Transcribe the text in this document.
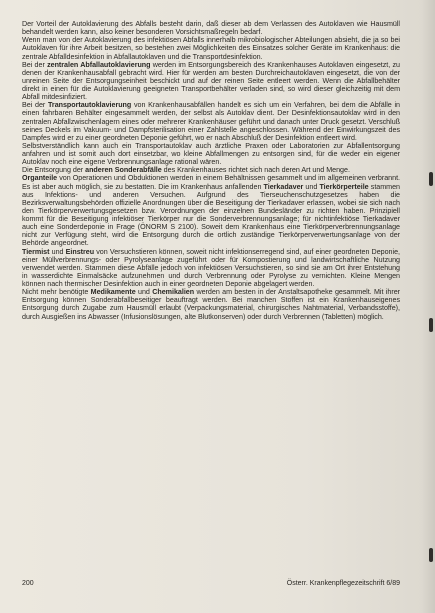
Der Vorteil der Autoklavierung des Abfalls besteht darin, daß dieser ab dem Verlassen des Autoklaven wie Hausmüll behandelt werden kann, also keiner besonderen Vorsichtsmaßregeln bedarf.

Wenn man von der Autoklavierung des infektiösen Abfalls innerhalb mikrobiologischer Abteilungen absieht, die ja so bei Autoklaven für ihre Arbeit besitzen, so bestehen zwei Möglichkeiten des Einsatzes solcher Geräte im Krankenhaus: die zentrale Abfalldesinfektion in Abfallautoklaven und die Transportdesinfektion.

Bei der zentralen Abfallautoklavierung werden im Entsorgungsbereich des Krankenhauses Autoklaven eingesetzt, zu denen der Krankenhausabfall gebracht wird. Hier für werden am besten Durchreichautoklaven eingesetzt, die von der unreinen Seite der Entsorgungseinheit beschickt und auf der reinen Seite entleert werden. Wenn die Abfallbehälter direkt in einen für die Autoklavierung geeigneten Transportbehälter verladen sind, so wird dieser gleichzeitig mit dem Abfall mitdesinfiziert.

Bei der Transportautoklavierung von Krankenhausabfällen handelt es sich um ein Verfahren, bei dem die Abfälle in einen fahrbaren Behälter eingesammelt werden, der selbst als Autoklav dient. Der Desinfektionsautoklav wird in den zentralen Abfallzwischenlagern eines oder mehrerer Krankenhäuser geführt und danach unter Druck gesetzt. Verschluß seines Deckels im Vakuum- und Dampfsterilisation einer Zahlstelle angeschlossen. Während der Einwirkungszeit des Dampfes wird er zu einer geordneten Deponie geführt, wo er nach Abschluß der Desinfektion entleert wird.

Selbstverständlich kann auch ein Transportautoklav auch ärztliche Praxen oder Laboratorien zur Abfallentsorgung anfahren und ist somit auch dort einsetzbar, wo kleine Abfallmengen zu entsorgen sind, für die weder ein eigener Autoklav noch eine eigene Verbrennungsanlage rational wären.

Die Entsorgung der anderen Sonderabfälle des Krankenhauses richtet sich nach deren Art und Menge.

Organteile von Operationen und Obduktionen werden in einem Behältnissen gesammelt und im allgemeinen verbrannt. Es ist aber auch möglich, sie zu bestatten. Die im Krankenhaus anfallenden Tierkadaver und Tierkörperteile stammen aus Infektions- und anderen Versuchen. Aufgrund des Tierseuchenschutzgesetzes haben die Bezirksverwaltungsbehörden offizielle Anordnungen über die Beseitigung der Tierkadaver erlassen, wobei sie sich nach den Tierkörperverwertungsgesetzen bzw. Verordnungen der einzelnen Bundesländer zu richten haben. Prinzipiell kommt für die Beseitigung infektiöser Tierkörper nur die Sonderverbrennungsanlage; für nichtinfektiöse Tierkadaver auch eine Sonderdeponie in Frage (ÖNORM S 2100). Soweit dem Krankenhaus eine Tierkörperverbrennungsanlage nicht zur Verfügung steht, wird die Entsorgung durch die ortlich zuständige Tierkörperverwertungsanlage von der Behörde angeordnet.

Tiermist und Einstreu von Versuchstieren können, soweit nicht infektionserregend sind, auf einer geordneten Deponie, einer Müllverbrennungs- oder Pyrolyseanlage zugeführt oder für Kompostierung und landwirtschaftliche Nutzung verwendet werden. Stammen diese Abfälle jedoch von infektiösen Versuchstieren, so sind sie am Ort ihrer Entstehung in wasserdichte Einmalsäcke aufzunehmen und durch Verbrennung oder Pyrolyse zu vernichten. Kleine Mengen können nach thermischer Desinfektion auch in einer geordneten Deponie abgelagert werden.

Nicht mehr benötigte Medikamente und Chemikalien werden am besten in der Anstaltsapotheke gesammelt. Mit ihrer Entsorgung können Sonderabfallbeseitiger beauftragt werden. Bei manchen Stoffen ist ein Krankenhauseigenes Entsorgung durch Zugabe zum Hausmüll erlaubt (Verpackungsmaterial, chirurgisches Nahtmaterial, Verbandsstoffe), durch Ausgießen ins Abwasser (Infusionslösungen, alte Blutkonserven) oder durch Verbrennen (Tabletten) möglich.

200	Österr. Krankenpflegezeitschrift 6/89
